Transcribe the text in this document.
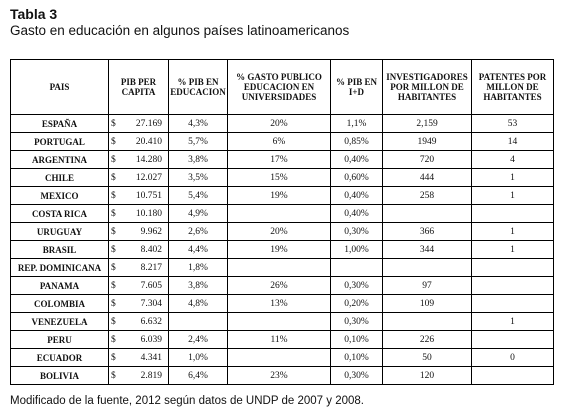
Tabla 3
Gasto en educación en algunos países latinoamericanos
PAIS	PIB PER CAPITA	% PIB EN EDUCACION	% GASTO PUBLICO EDUCACION EN UNIVERSIDADES	% PIB EN I+D	INVESTIGADORES POR MILLON DE HABITANTES	PATENTES POR MILLON DE HABITANTES
ESPAÑA	$ 27.169	4,3%	20%	1,1%	2,159	53
PORTUGAL	$ 20.410	5,7%	6%	0,85%	1949	14
ARGENTINA	$ 14.280	3,8%	17%	0,40%	720	4
CHILE	$ 12.027	3,5%	15%	0,60%	444	1
MEXICO	$ 10.751	5,4%	19%	0,40%	258	1
COSTA RICA	$ 10.180	4,9%		0,40%		
URUGUAY	$ 9.962	2,6%	20%	0,30%	366	1
BRASIL	$ 8.402	4,4%	19%	1,00%	344	1
REP. DOMINICANA	$ 8.217	1,8%				
PANAMA	$ 7.605	3,8%	26%	0,30%	97	
COLOMBIA	$ 7.304	4,8%	13%	0,20%	109	
VENEZUELA	$ 6.632			0,30%		1
PERU	$ 6.039	2,4%	11%	0,10%	226	
ECUADOR	$ 4.341	1,0%		0,10%	50	0
BOLIVIA	$ 2.819	6,4%	23%	0,30%	120	
Modificado de la fuente, 2012 según datos de UNDP de 2007 y 2008.
